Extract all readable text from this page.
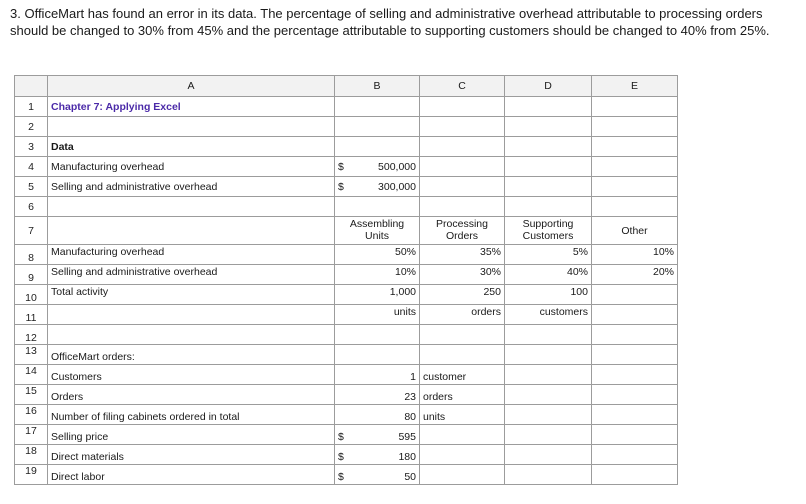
3. OfficeMart has found an error in its data. The percentage of selling and administrative overhead attributable to processing orders should be changed to 30% from 45% and the percentage attributable to supporting customers should be changed to 40% from 25%.
	A	B	C	D	E
1	Chapter 7: Applying Excel				
2					
3	Data				
4	Manufacturing overhead	$ 500,000			

5	Selling and administrative overhead	$ 300,000			

6					
7		Assembling Units	Processing Orders	Supporting Customers	Other
8	Manufacturing overhead	50%	35%	5%	10%
9	Selling and administrative overhead	10%	30%	40%	20%
10	Total activity	1,000	250	100	
11		units	orders	customers	
12					
13	OfficeMart orders:				
14	Customers	1	customer		
15	Orders	23	orders		
16	Number of filing cabinets ordered in total	80	units		
17	Selling price	$ 595			

18	Direct materials	$ 180			

19	Direct labor	$ 50			
